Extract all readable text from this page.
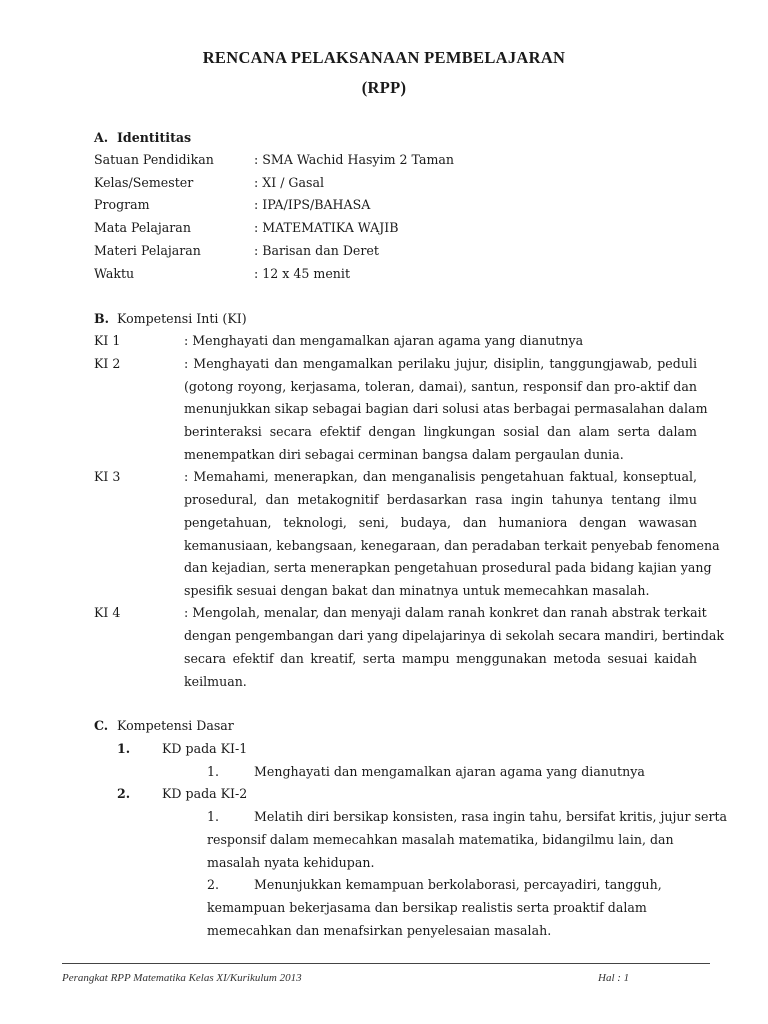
RENCANA PELAKSANAAN PEMBELAJARAN
(RPP)
A. Identititas
Satuan Pendidikan	: SMA Wachid Hasyim 2 Taman
Kelas/Semester	: XI / Gasal
Program	: IPA/IPS/BAHASA
Mata Pelajaran	: MATEMATIKA WAJIB
Materi Pelajaran	: Barisan dan Deret
Waktu	: 12 x 45 menit
B. Kompetensi Inti (KI)
KI 1	: Menghayati dan mengamalkan ajaran agama yang dianutnya
KI 2	: Menghayati dan mengamalkan perilaku jujur, disiplin, tanggungjawab, peduli
(gotong royong, kerjasama, toleran, damai), santun, responsif dan pro-aktif dan
menunjukkan sikap sebagai bagian dari solusi atas berbagai permasalahan dalam
berinteraksi secara efektif dengan lingkungan sosial dan alam serta dalam
menempatkan diri sebagai cerminan bangsa dalam pergaulan dunia.
KI 3	: Memahami, menerapkan, dan menganalisis pengetahuan faktual, konseptual,
prosedural, dan metakognitif berdasarkan rasa ingin tahunya tentang ilmu
pengetahuan, teknologi, seni, budaya, dan humaniora dengan wawasan
kemanusiaan, kebangsaan, kenegaraan, dan peradaban terkait penyebab fenomena
dan kejadian, serta menerapkan pengetahuan prosedural pada bidang kajian yang
spesifik sesuai dengan bakat dan minatnya untuk memecahkan masalah.
KI 4	: Mengolah, menalar, dan menyaji dalam ranah konkret dan ranah abstrak terkait
dengan pengembangan dari yang dipelajarinya di sekolah secara mandiri, bertindak
secara efektif dan kreatif, serta mampu menggunakan metoda sesuai kaidah
keilmuan.
C. Kompetensi Dasar
1.	KD pada KI-1
1.	Menghayati dan mengamalkan ajaran agama yang dianutnya
2.	KD pada KI-2
1.	Melatih diri bersikap konsisten, rasa ingin tahu, bersifat kritis, jujur serta
responsif dalam memecahkan masalah matematika, bidangilmu lain, dan
masalah nyata kehidupan.
2.	Menunjukkan kemampuan berkolaborasi, percayadiri, tangguh,
kemampuan bekerjasama dan bersikap realistis serta proaktif dalam
memecahkan dan menafsirkan penyelesaian masalah.
Perangkat RPP Matematika Kelas XI/Kurikulum 2013	Hal : 1
